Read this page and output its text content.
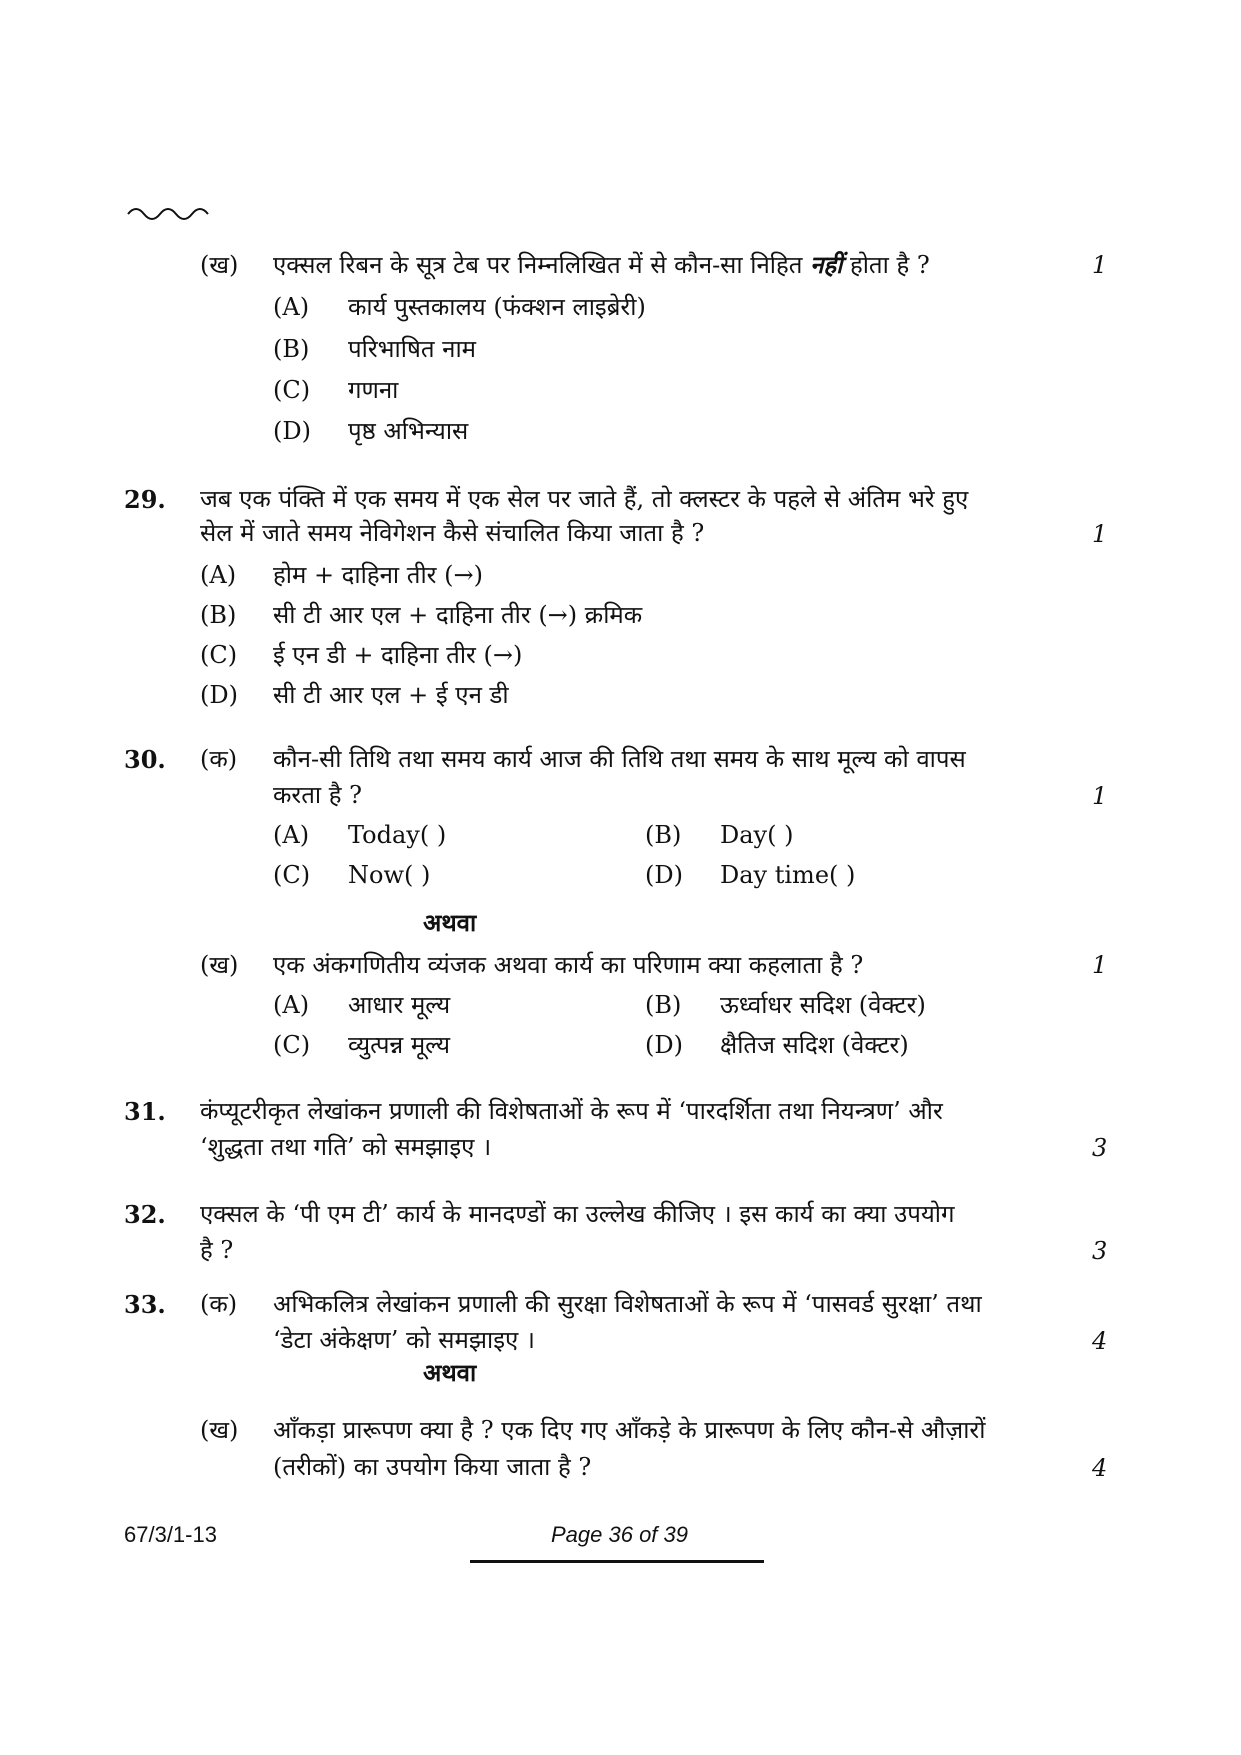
(ख) एक्सल रिबन के सूत्र टेब पर निम्नलिखित में से कौन-सा निहित नहीं होता है ?	1
(A) कार्य पुस्तकालय (फंक्शन लाइब्रेरी)
(B) परिभाषित नाम
(C) गणना
(D) पृष्ठ अभिन्यास
29. जब एक पंक्ति में एक समय में एक सेल पर जाते हैं, तो क्लस्टर के पहले से अंतिम भरे हुए
सेल में जाते समय नेविगेशन कैसे संचालित किया जाता है ?	1
(A) होम + दाहिना तीर (→)
(B) सी टी आर एल + दाहिना तीर (→) क्रमिक
(C) ई एन डी + दाहिना तीर (→)
(D) सी टी आर एल + ई एन डी
30. (क) कौन-सी तिथि तथा समय कार्य आज की तिथि तथा समय के साथ मूल्य को वापस
करता है ?	1
(A) Today( )	(B) Day( )
(C) Now( )	(D) Day time( )
अथवा
(ख) एक अंकगणितीय व्यंजक अथवा कार्य का परिणाम क्या कहलाता है ?	1
(A) आधार मूल्य	(B) ऊर्ध्वाधर सदिश (वेक्टर)
(C) व्युत्पन्न मूल्य	(D) क्षैतिज सदिश (वेक्टर)
31. कंप्यूटरीकृत लेखांकन प्रणाली की विशेषताओं के रूप में ‘पारदर्शिता तथा नियन्त्रण’ और
‘शुद्धता तथा गति’ को समझाइए ।	3
32. एक्सल के ‘पी एम टी’ कार्य के मानदण्डों का उल्लेख कीजिए । इस कार्य का क्या उपयोग
है ?	3
33. (क) अभिकलित्र लेखांकन प्रणाली की सुरक्षा विशेषताओं के रूप में ‘पासवर्ड सुरक्षा’ तथा
‘डेटा अंकेक्षण’ को समझाइए ।	4
अथवा
(ख) आँकड़ा प्रारूपण क्या है ? एक दिए गए आँकड़े के प्रारूपण के लिए कौन-से औज़ारों
(तरीकों) का उपयोग किया जाता है ?	4
67/3/1-13	Page 36 of 39
